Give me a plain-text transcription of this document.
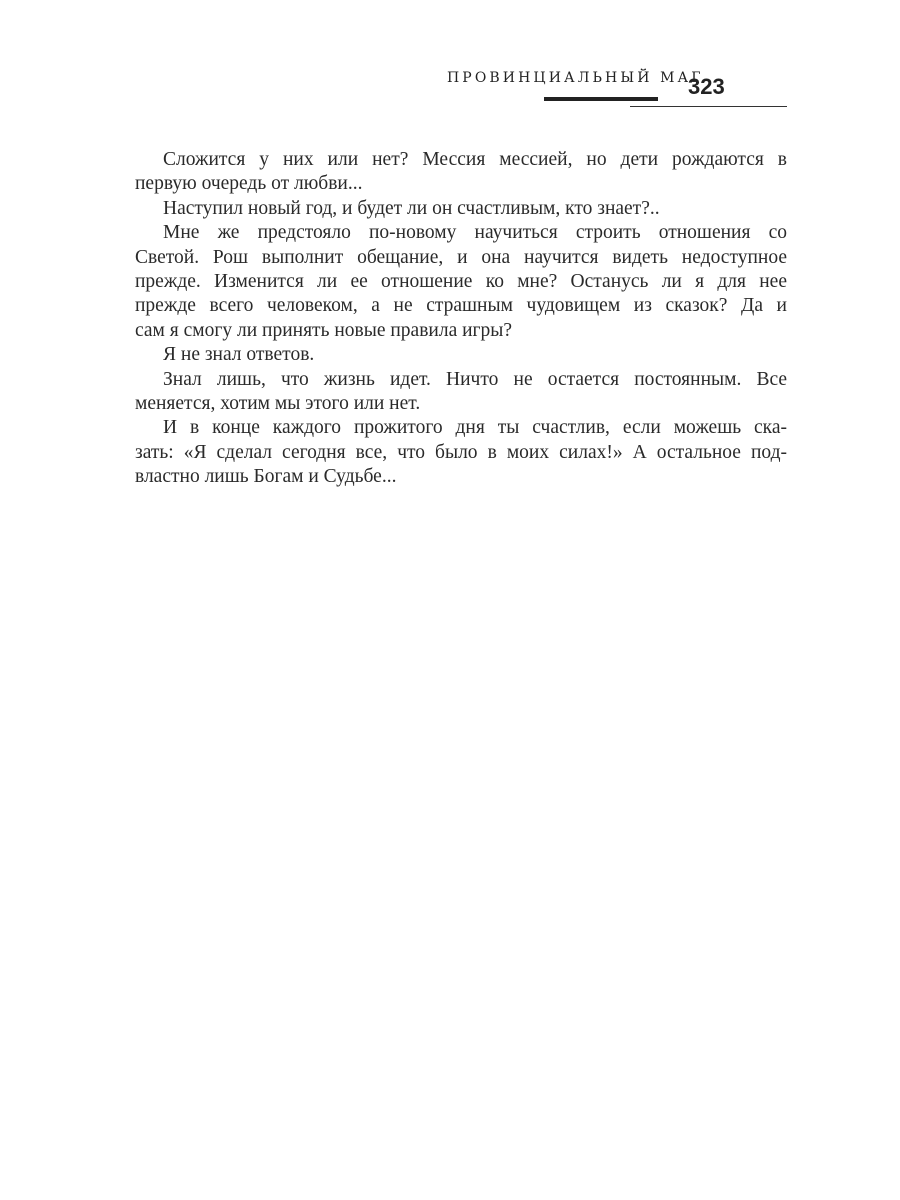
ПРОВИНЦИАЛЬНЫЙ МАГ
323
Сложится у них или нет? Мессия мессией, но дети рождаются в
первую очередь от любви...
Наступил новый год, и будет ли он счастливым, кто знает?..
Мне же предстояло по-новому научиться строить отношения со
Светой. Рош выполнит обещание, и она научится видеть недоступное
прежде. Изменится ли ее отношение ко мне? Останусь ли я для нее
прежде всего человеком, а не страшным чудовищем из сказок? Да и
сам я смогу ли принять новые правила игры?
Я не знал ответов.
Знал лишь, что жизнь идет. Ничто не остается постоянным. Все
меняется, хотим мы этого или нет.
И в конце каждого прожитого дня ты счастлив, если можешь ска-
зать: «Я сделал сегодня все, что было в моих силах!» А остальное под-
властно лишь Богам и Судьбе...
